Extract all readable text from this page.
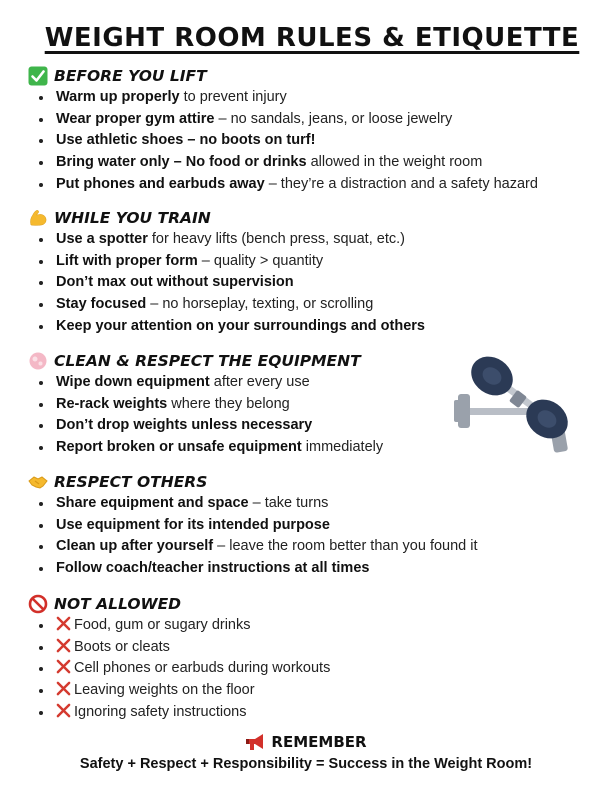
WEIGHT ROOM RULES & ETIQUETTE
BEFORE YOU LIFT
Warm up properly to prevent injury
Wear proper gym attire – no sandals, jeans, or loose jewelry
Use athletic shoes – no boots on turf!
Bring water only – No food or drinks allowed in the weight room
Put phones and earbuds away – they’re a distraction and a safety hazard
WHILE YOU TRAIN
Use a spotter for heavy lifts (bench press, squat, etc.)
Lift with proper form – quality > quantity
Don’t max out without supervision
Stay focused – no horseplay, texting, or scrolling
Keep your attention on your surroundings and others
CLEAN & RESPECT THE EQUIPMENT
Wipe down equipment after every use
Re-rack weights where they belong
Don’t drop weights unless necessary
Report broken or unsafe equipment immediately
RESPECT OTHERS
Share equipment and space – take turns
Use equipment for its intended purpose
Clean up after yourself – leave the room better than you found it
Follow coach/teacher instructions at all times
NOT ALLOWED
Food, gum or sugary drinks
Boots or cleats
Cell phones or earbuds during workouts
Leaving weights on the floor
Ignoring safety instructions
REMEMBER
Safety + Respect + Responsibility = Success in the Weight Room!
